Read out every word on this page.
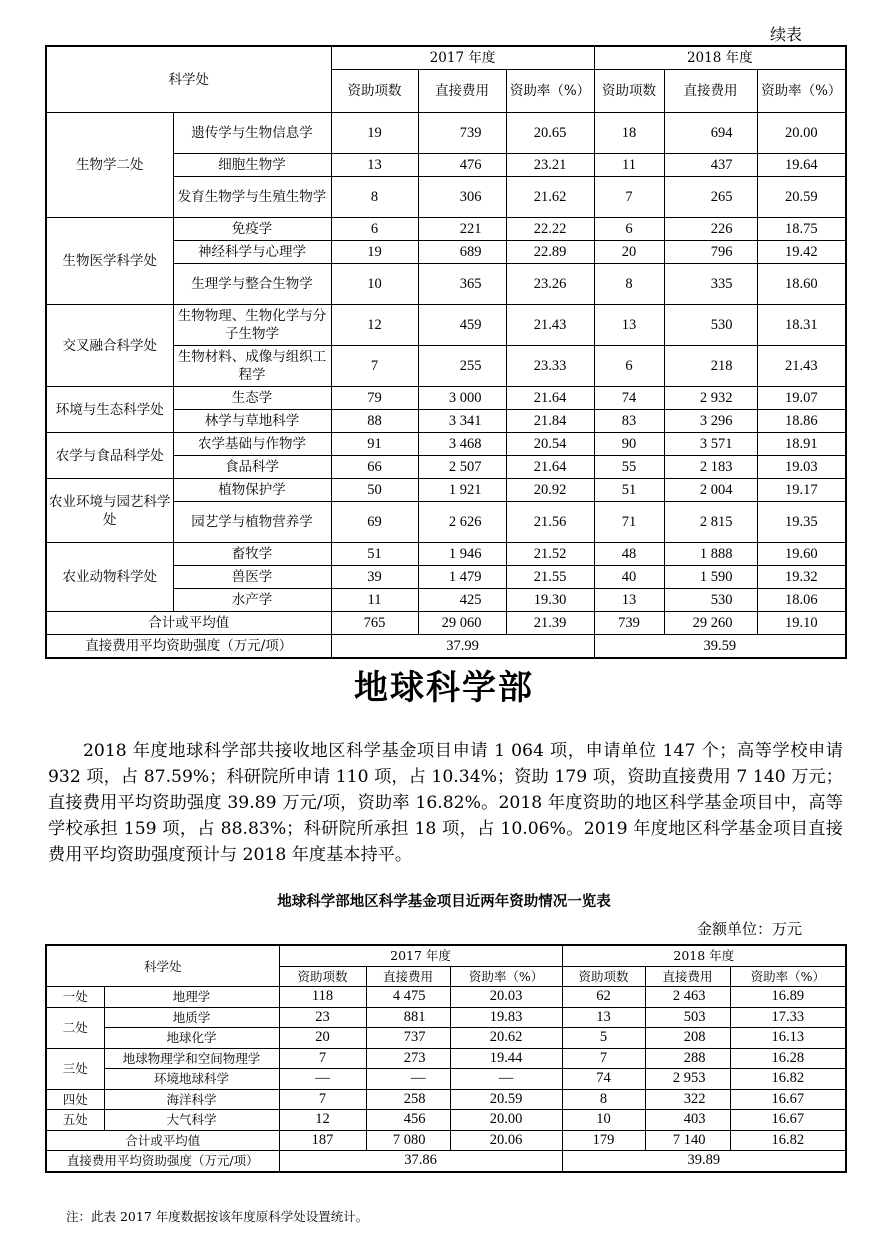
续表
科学处		2017 年度			2018 年度		
		资助项数	直接费用	资助率（%）	资助项数	直接费用	资助率（%）
生物学二处	遗传学与生物信息学	19	739	20.65	18	694	20.00
	细胞生物学	13	476	23.21	11	437	19.64
	发育生物学与生殖生物学	8	306	21.62	7	265	20.59
生物医学科学处	免疫学	6	221	22.22	6	226	18.75
	神经科学与心理学	19	689	22.89	20	796	19.42
	生理学与整合生物学	10	365	23.26	8	335	18.60
交叉融合科学处	生物物理、生物化学与分子生物学	12	459	21.43	13	530	18.31
	生物材料、成像与组织工程学	7	255	23.33	6	218	21.43
环境与生态科学处	生态学	79	3 000	21.64	74	2 932	19.07
	林学与草地科学	88	3 341	21.84	83	3 296	18.86
农学与食品科学处	农学基础与作物学	91	3 468	20.54	90	3 571	18.91
	食品科学	66	2 507	21.64	55	2 183	19.03
农业环境与园艺科学处	植物保护学	50	1 921	20.92	51	2 004	19.17
	园艺学与植物营养学	69	2 626	21.56	71	2 815	19.35
农业动物科学处	畜牧学	51	1 946	21.52	48	1 888	19.60
	兽医学	39	1 479	21.55	40	1 590	19.32
	水产学	11	425	19.30	13	530	18.06
合计或平均值		765	29 060	21.39	739	29 260	19.10
直接费用平均资助强度（万元/项）		37.99			39.59		
地球科学部

2018 年度地球科学部共接收地区科学基金项目申请 1 064 项，申请单位 147 个；高等学校申请 932 项，占 87.59%；科研院所申请 110 项，占 10.34%；资助 179 项，资助直接费用 7 140 万元；直接费用平均资助强度 39.89 万元/项，资助率 16.82%。2018 年度资助的地区科学基金项目中，高等学校承担 159 项，占 88.83%；科研院所承担 18 项，占 10.06%。2019 年度地区科学基金项目直接费用平均资助强度预计与 2018 年度基本持平。

地球科学部地区科学基金项目近两年资助情况一览表
金额单位：万元
科学处		2017 年度			2018 年度		
		资助项数	直接费用	资助率（%）	资助项数	直接费用	资助率（%）
一处	地理学	118	4 475	20.03	62	2 463	16.89
二处	地质学	23	881	19.83	13	503	17.33
	地球化学	20	737	20.62	5	208	16.13
三处	地球物理学和空间物理学	7	273	19.44	7	288	16.28
	环境地球科学	—	—	—	74	2 953	16.82
四处	海洋科学	7	258	20.59	8	322	16.67
五处	大气科学	12	456	20.00	10	403	16.67
合计或平均值		187	7 080	20.06	179	7 140	16.82
直接费用平均资助强度（万元/项）		37.86			39.89		
注：此表 2017 年度数据按该年度原科学处设置统计。
